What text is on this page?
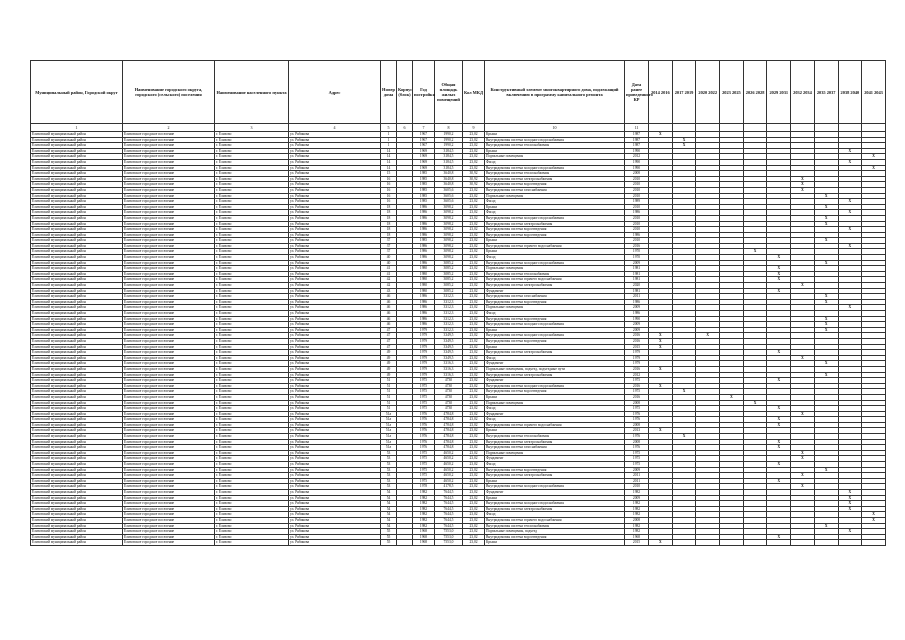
Муниципальный район, Городской округ	Наименование городского округа, городского (сельского) поселения	Наименование населенного пункта	Адрес	Номер дома	Корпус (блок)	Год постройки	Общая площадь жилых помещений	Кол МКД	Конструктивный элемент многоквартирного дома, подлежащий включению в программу капитального ремонта	Дата ранее проведенного КР	2014 2016	2017 2019	2020 2022	2023 2025	2026 2028	2029 2031	2032 2034	2035 2037	2038 2040	2041 2043
1	2	3	4	5	6	7	8	9	10	11										
Елизовский муниципальный район	Елизовское городское поселение	г. Елизово	ул. Рябикова	1		1967	1990,2	23,02	Крыша	1987	X									
Елизовский муниципальный район	Елизовское городское поселение	г. Елизово	ул. Рябикова	1		1967	1990,2	23,02	Внутридомовая система холодного водоснабжения	1987		X								
Елизовский муниципальный район	Елизовское городское поселение	г. Елизово	ул. Рябикова	1		1967	1990,2	23,02	Внутридомовая система теплоснабжения	1987		X								
Елизовский муниципальный район	Елизовское городское поселение	г. Елизово	ул. Рябикова	14		1969	3184,5	23,02	Крыша	1990									X	
Елизовский муниципальный район	Елизовское городское поселение	г. Елизово	ул. Рябикова	14		1969	3184,5	23,02	Подвальные помещения	2012										X
Елизовский муниципальный район	Елизовское городское поселение	г. Елизово	ул. Рябикова	14		1969	3184,5	23,02	Фасад	1990									X	
Елизовский муниципальный район	Елизовское городское поселение	г. Елизово	ул. Рябикова	14		1969	3184,5	23,02	Внутридомовая система холодного водоснабжения	1990										X
Елизовский муниципальный район	Елизовское городское поселение	г. Елизово	ул. Рябикова	15		1985	3640,8	30,92	Внутридомовая система теплоснабжения	2008										
Елизовский муниципальный район	Елизовское городское поселение	г. Елизово	ул. Рябикова	16		1985	3640,8	30,92	Внутридомовая система электроснабжения	2010							X			
Елизовский муниципальный район	Елизовское городское поселение	г. Елизово	ул. Рябикова	16		1985	3640,8	30,92	Внутридомовая система водоотведения	2010							X			
Елизовский муниципальный район	Елизовское городское поселение	г. Елизово	ул. Рябикова	16		1985	3605,6	23,02	Внутридомовая система газоснабжения	2010							X			
Елизовский муниципальный район	Елизовское городское поселение	г. Елизово	ул. Рябикова	16		1985	3605,6	23,02	Подвальные помещения	2010								X		
Елизовский муниципальный район	Елизовское городское поселение	г. Елизово	ул. Рябикова	16		1985	3605,6	23,02	Фасад	1989									X	
Елизовский муниципальный район	Елизовское городское поселение	г. Елизово	ул. Рябикова	18		1986	3098,2	23,02	Крыша	2010								X		
Елизовский муниципальный район	Елизовское городское поселение	г. Елизово	ул. Рябикова	18		1986	3098,2	23,02	Фасад	1986									X	
Елизовский муниципальный район	Елизовское городское поселение	г. Елизово	ул. Рябикова	18		1986	3098,2	23,02	Внутридомовая система холодного водоснабжения	2010								X		
Елизовский муниципальный район	Елизовское городское поселение	г. Елизово	ул. Рябикова	18		1986	3098,2	23,02	Внутридомовая система электроснабжения	2010								X		
Елизовский муниципальный район	Елизовское городское поселение	г. Елизово	ул. Рябикова	18		1986	3098,2	23,02	Внутридомовая система водоотведения	2010									X	
Елизовский муниципальный район	Елизовское городское поселение	г. Елизово	ул. Рябикова	18		1986	3098,2	23,02	Внутридомовая система водоотведения	1986										
Елизовский муниципальный район	Елизовское городское поселение	г. Елизово	ул. Рябикова	37		1985	3098,2	23,02	Крыша	2010								X		
Елизовский муниципальный район	Елизовское городское поселение	г. Елизово	ул. Рябикова	37		1986	3098,2	23,02	Внутридомовая система горячего водоснабжения	2016									X	
Елизовский муниципальный район	Елизовское городское поселение	г. Елизово	ул. Рябикова	37		1986	3098,2	23,02	Крыша	1970					X					
Елизовский муниципальный район	Елизовское городское поселение	г. Елизово	ул. Рябикова	40		1986	3098,2	23,02	Фасад	1970						X				
Елизовский муниципальный район	Елизовское городское поселение	г. Елизово	ул. Рябикова	40		1986	3085,2	23,02	Внутридомовая система холодного водоснабжения	2009								X		
Елизовский муниципальный район	Елизовское городское поселение	г. Елизово	ул. Рябикова	41		1980	3085,2	23,02	Подвальные помещения	1981						X				
Елизовский муниципальный район	Елизовское городское поселение	г. Елизово	ул. Рябикова	41		1980	3085,2	23,02	Внутридомовая система теплоснабжения	1981						X				
Елизовский муниципальный район	Елизовское городское поселение	г. Елизово	ул. Рябикова	42		1980	3085,2	23,02	Внутридомовая система горячего водоснабжения	1981						X				
Елизовский муниципальный район	Елизовское городское поселение	г. Елизово	ул. Рябикова	42		1980	3085,2	23,02	Внутридомовая система электроснабжения	2020							X			
Елизовский муниципальный район	Елизовское городское поселение	г. Елизово	ул. Рябикова	43		1980	3085,2	23,02	Фундамент	1981						X				
Елизовский муниципальный район	Елизовское городское поселение	г. Елизово	ул. Рябикова	46		1986	3312,3	23,02	Внутридомовая система газоснабжения	2011								X		
Елизовский муниципальный район	Елизовское городское поселение	г. Елизово	ул. Рябикова	46		1986	3312,3	23,02	Внутридомовая система водоотведения	1986								X		
Елизовский муниципальный район	Елизовское городское поселение	г. Елизово	ул. Рябикова	46		1986	3312,3	23,02	Подвальные помещения	2009									X	
Елизовский муниципальный район	Елизовское городское поселение	г. Елизово	ул. Рябикова	46		1986	3312,3	23,02	Фасад	1986										
Елизовский муниципальный район	Елизовское городское поселение	г. Елизово	ул. Рябикова	46		1986	3312,3	23,02	Внутридомовая система водоотведения	1990								X		
Елизовский муниципальный район	Елизовское городское поселение	г. Елизово	ул. Рябикова	46		1986	3312,3	23,02	Внутридомовая система холодного водоснабжения	2009								X		
Елизовский муниципальный район	Елизовское городское поселение	г. Елизово	ул. Рябикова	47		1979	3312,3	23,02	Крыша	2009								X		
Елизовский муниципальный район	Елизовское городское поселение	г. Елизово	ул. Рябикова	47		1979	3349,5	23,02	Внутридомовая система холодного водоснабжения	2016	X		X							
Елизовский муниципальный район	Елизовское городское поселение	г. Елизово	ул. Рябикова	47		1979	3349,5	23,02	Внутридомовая система водоотведения	2016	X									
Елизовский муниципальный район	Елизовское городское поселение	г. Елизово	ул. Рябикова	47		1979	3349,5	23,02	Крыша	2015	X									
Елизовский муниципальный район	Елизовское городское поселение	г. Елизово	ул. Рябикова	49		1979	3349,5	23,02	Внутридомовая система электроснабжения	1979						X				
Елизовский муниципальный район	Елизовское городское поселение	г. Елизово	ул. Рябикова	49		1979	3349,5	23,02	Фасад	1979							X			
Елизовский муниципальный район	Елизовское городское поселение	г. Елизово	ул. Рябикова	49		1979	3316,3	23,02	Фундамент	1979								X		
Елизовский муниципальный район	Елизовское городское поселение	г. Елизово	ул. Рябикова	49		1979	3316,3	23,02	Подвальные помещения, подъезд, подъездные пути	2016	X									
Елизовский муниципальный район	Елизовское городское поселение	г. Елизово	ул. Рябикова	49		1979	3316,3	23,02	Внутридомовая система электроснабжения	2012								X		
Елизовский муниципальный район	Елизовское городское поселение	г. Елизово	ул. Рябикова	51		1975	4730	23,02	Фундамент	1975						X				
Елизовский муниципальный район	Елизовское городское поселение	г. Елизово	ул. Рябикова	51		1975	4730	23,02	Внутридомовая система холодного водоснабжения	2016	X									
Елизовский муниципальный район	Елизовское городское поселение	г. Елизово	ул. Рябикова	51		1975	4730	23,02	Внутридомовая система водоотведения	1975		X								
Елизовский муниципальный район	Елизовское городское поселение	г. Елизово	ул. Рябикова	51		1975	4730	23,02	Крыша	2016				X						
Елизовский муниципальный район	Елизовское городское поселение	г. Елизово	ул. Рябикова	51		1975	4730	23,02	Подвальные помещения	2008					X					
Елизовский муниципальный район	Елизовское городское поселение	г. Елизово	ул. Рябикова	51		1975	4730	23,02	Фасад	1975						X				
Елизовский муниципальный район	Елизовское городское поселение	г. Елизово	ул. Рябикова	51а		1976	4784,8	23,02	Фундамент	1976							X			
Елизовский муниципальный район	Елизовское городское поселение	г. Елизово	ул. Рябикова	51а		1976	4784,8	23,02	Фасад	1976						X				
Елизовский муниципальный район	Елизовское городское поселение	г. Елизово	ул. Рябикова	51а		1976	4784,8	23,02	Внутридомовая система горячего водоснабжения	2008						X				
Елизовский муниципальный район	Елизовское городское поселение	г. Елизово	ул. Рябикова	51а		1976	4784,8	23,02	Крыша	2013	X									
Елизовский муниципальный район	Елизовское городское поселение	г. Елизово	ул. Рябикова	51а		1976	4784,8	23,02	Внутридомовая система теплоснабжения	1976		X								
Елизовский муниципальный район	Елизовское городское поселение	г. Елизово	ул. Рябикова	51а		1976	4784,8	23,02	Внутридомовая система электроснабжения	2008						X				
Елизовский муниципальный район	Елизовское городское поселение	г. Елизово	ул. Рябикова	51а		1976	4784,8	23,02	Внутридомовая система газоснабжения	1976						X				
Елизовский муниципальный район	Елизовское городское поселение	г. Елизово	ул. Рябикова	53		1975	4650,2	23,02	Подвальные помещения	1975							X			
Елизовский муниципальный район	Елизовское городское поселение	г. Елизово	ул. Рябикова	53		1975	4650,2	23,02	Фундамент	1975							X			
Елизовский муниципальный район	Елизовское городское поселение	г. Елизово	ул. Рябикова	53		1975	4650,2	23,02	Фасад	1975						X				
Елизовский муниципальный район	Елизовское городское поселение	г. Елизово	ул. Рябикова	53		1975	4650,2	23,02	Внутридомовая система водоотведения	2009								X		
Елизовский муниципальный район	Елизовское городское поселение	г. Елизово	ул. Рябикова	53		1975	4650,2	23,02	Внутридомовая система электроснабжения	2011							X			
Елизовский муниципальный район	Елизовское городское поселение	г. Елизово	ул. Рябикова	53		1975	4650,2	23,02	Крыша	2011						X				
Елизовский муниципальный район	Елизовское городское поселение	г. Елизово	ул. Рябикова	53		1978	4178,5	23,02	Внутридомовая система холодного водоснабжения	2010							X			
Елизовский муниципальный район	Елизовское городское поселение	г. Елизово	ул. Рябикова	54		1982	7644,5	23,02	Фундамент	1982									X	
Елизовский муниципальный район	Елизовское городское поселение	г. Елизово	ул. Рябикова	54		1982	7644,5	23,02	Крыша	2009									X	
Елизовский муниципальный район	Елизовское городское поселение	г. Елизово	ул. Рябикова	54		1982	7644,5	23,02	Внутридомовая система холодного водоснабжения	1982									X	
Елизовский муниципальный район	Елизовское городское поселение	г. Елизово	ул. Рябикова	54		1982	7644,5	23,02	Внутридомовая система электроснабжения	1982									X	
Елизовский муниципальный район	Елизовское городское поселение	г. Елизово	ул. Рябикова	54		1982	7644,5	23,02	Фасад	1982										X
Елизовский муниципальный район	Елизовское городское поселение	г. Елизово	ул. Рябикова	54		1982	7644,5	23,02	Внутридомовая система горячего водоснабжения	2008										X
Елизовский муниципальный район	Елизовское городское поселение	г. Елизово	ул. Рябикова	54		1982	7644,5	23,02	Внутридомовая система теплоснабжения	1982								X		
Елизовский муниципальный район	Елизовское городское поселение	г. Елизово	ул. Рябикова	55		1968	7553,0	23,02	Подвальные помещения, подъезд	1982									X	
Елизовский муниципальный район	Елизовское городское поселение	г. Елизово	ул. Рябикова	55		1968	7553,0	23,02	Внутридомовая система водоотведения	1968						X				
Елизовский муниципальный район	Елизовское городское поселение	г. Елизово	ул. Рябикова	55		1968	7553,0	23,02	Крыша	2015	X									
